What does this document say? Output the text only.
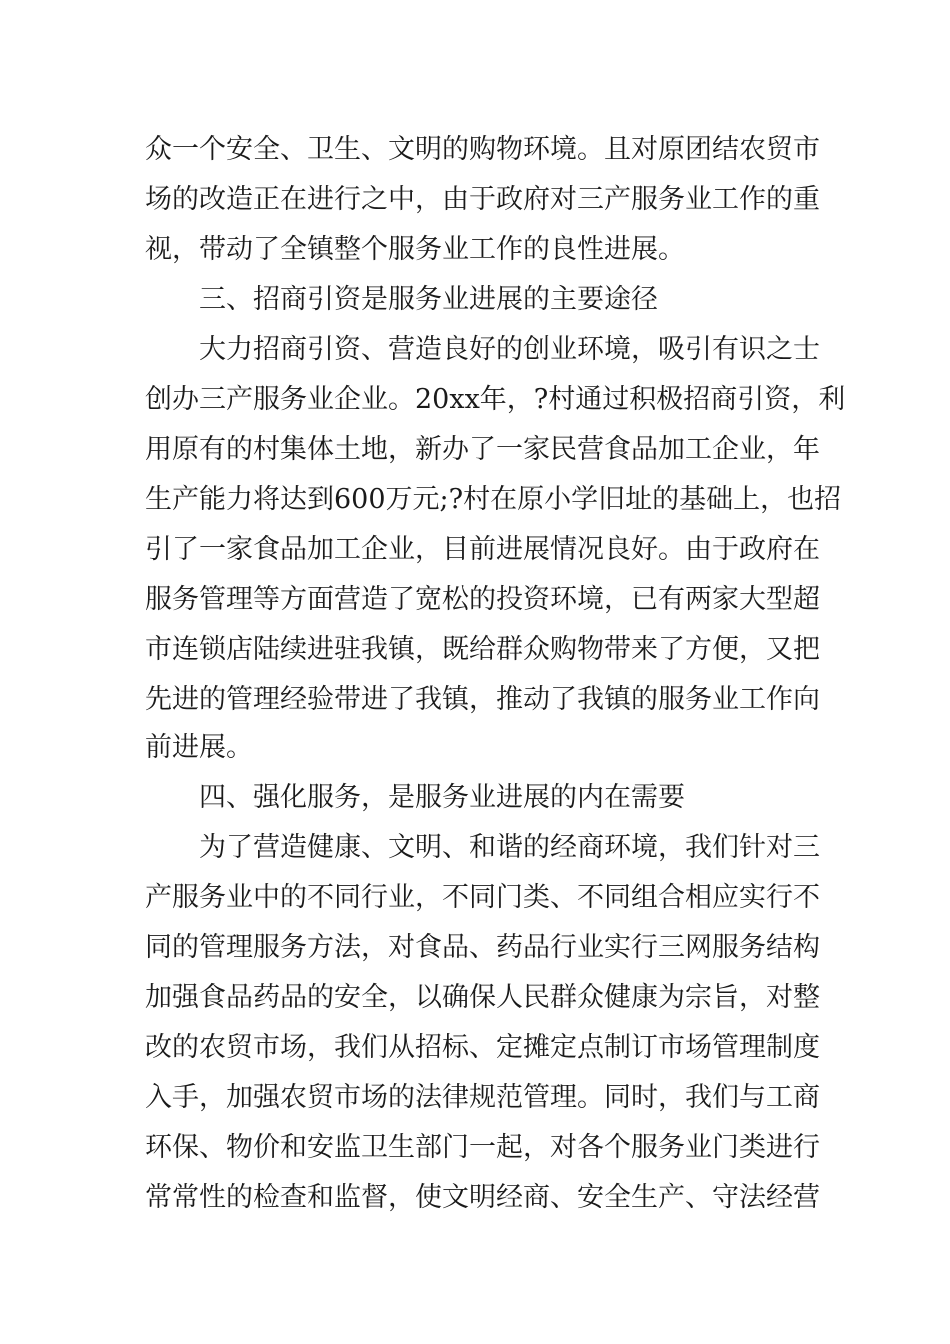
众一个安全、卫生、文明的购物环境。且对原团结农贸市
场的改造正在进行之中，由于政府对三产服务业工作的重
视，带动了全镇整个服务业工作的良性进展。
三、招商引资是服务业进展的主要途径
大力招商引资、营造良好的创业环境，吸引有识之士
创办三产服务业企业。20xx年，?村通过积极招商引资，利
用原有的村集体土地，新办了一家民营食品加工企业，年
生产能力将达到600万元;?村在原小学旧址的基础上，也招
引了一家食品加工企业，目前进展情况良好。由于政府在
服务管理等方面营造了宽松的投资环境，已有两家大型超
市连锁店陆续进驻我镇，既给群众购物带来了方便，又把
先进的管理经验带进了我镇，推动了我镇的服务业工作向
前进展。
四、强化服务，是服务业进展的内在需要
为了营造健康、文明、和谐的经商环境，我们针对三
产服务业中的不同行业，不同门类、不同组合相应实行不
同的管理服务方法，对食品、药品行业实行三网服务结构
加强食品药品的安全，以确保人民群众健康为宗旨，对整
改的农贸市场，我们从招标、定摊定点制订市场管理制度
入手，加强农贸市场的法律规范管理。同时，我们与工商
环保、物价和安监卫生部门一起，对各个服务业门类进行
常常性的检查和监督，使文明经商、安全生产、守法经营
